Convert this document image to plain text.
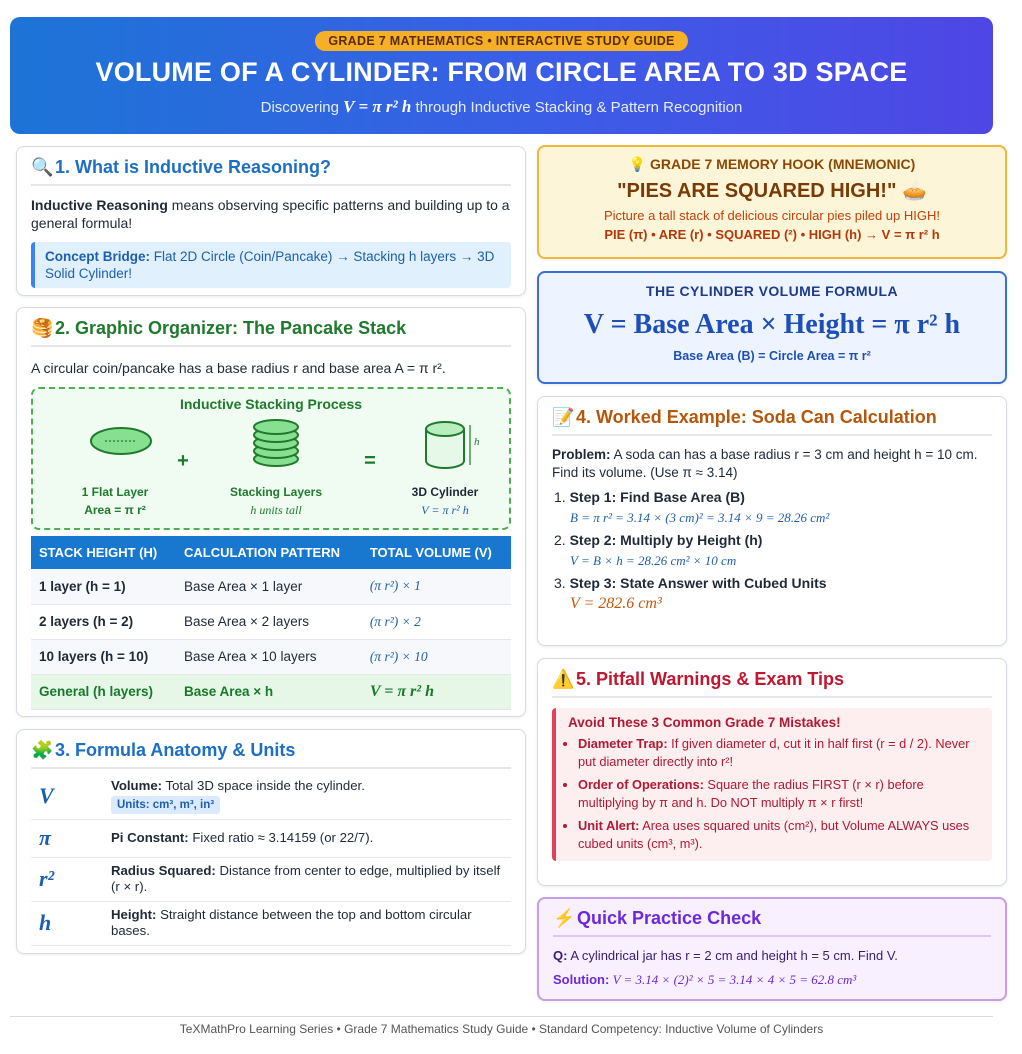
GRADE 7 MATHEMATICS • INTERACTIVE STUDY GUIDE
VOLUME OF A CYLINDER: FROM CIRCLE AREA TO 3D SPACE
Discovering V = π r² h through Inductive Stacking & Pattern Recognition
🔍1. What is Inductive Reasoning?
Inductive Reasoning means observing specific patterns and building up to a general formula!
Concept Bridge: Flat 2D Circle (Coin/Pancake) → Stacking h layers → 3D Solid Cylinder!
🥞2. Graphic Organizer: The Pancake Stack
A circular coin/pancake has a base radius r and base area A = π r².
Inductive Stacking Process
+	=
h
1 Flat Layer
Area = π r²
Stacking Layers
h units tall
3D Cylinder
V = π r² h
STACK HEIGHT (H)	CALCULATION PATTERN	TOTAL VOLUME (V)
1 layer (h = 1)	Base Area × 1 layer	(π r²) × 1
2 layers (h = 2)	Base Area × 2 layers	(π r²) × 2
10 layers (h = 10)	Base Area × 10 layers	(π r²) × 10
General (h layers)	Base Area × h	V = π r² h
🧩3. Formula Anatomy & Units
V	Volume: Total 3D space inside the cylinder.
Units: cm³, m³, in³
π	Pi Constant: Fixed ratio ≈ 3.14159 (or 22/7).
r²	Radius Squared: Distance from center to edge, multiplied by itself (r × r).
h	Height: Straight distance between the top and bottom circular bases.
💡 GRADE 7 MEMORY HOOK (MNEMONIC)
"PIES ARE SQUARED HIGH!" 🥧
Picture a tall stack of delicious circular pies piled up HIGH!
PIE (π) • ARE (r) • SQUARED (²) • HIGH (h) → V = π r² h
THE CYLINDER VOLUME FORMULA
V = Base Area × Height = π r² h
Base Area (B) = Circle Area = π r²
📝4. Worked Example: Soda Can Calculation
Problem: A soda can has a base radius r = 3 cm and height h = 10 cm. Find its volume. (Use π ≈ 3.14)
1. Step 1: Find Base Area (B)
B = π r² = 3.14 × (3 cm)² = 3.14 × 9 = 28.26 cm²
2. Step 2: Multiply by Height (h)
V = B × h = 28.26 cm² × 10 cm
3. Step 3: State Answer with Cubed Units
V = 282.6 cm³
⚠️5. Pitfall Warnings & Exam Tips
Avoid These 3 Common Grade 7 Mistakes!
• Diameter Trap: If given diameter d, cut it in half first (r = d / 2). Never put diameter directly into r²!
• Order of Operations: Square the radius FIRST (r × r) before multiplying by π and h. Do NOT multiply π × r first!
• Unit Alert: Area uses squared units (cm²), but Volume ALWAYS uses cubed units (cm³, m³).
⚡Quick Practice Check
Q: A cylindrical jar has r = 2 cm and height h = 5 cm. Find V.
Solution: V = 3.14 × (2)² × 5 = 3.14 × 4 × 5 = 62.8 cm³
TeXMathPro Learning Series • Grade 7 Mathematics Study Guide • Standard Competency: Inductive Volume of Cylinders
